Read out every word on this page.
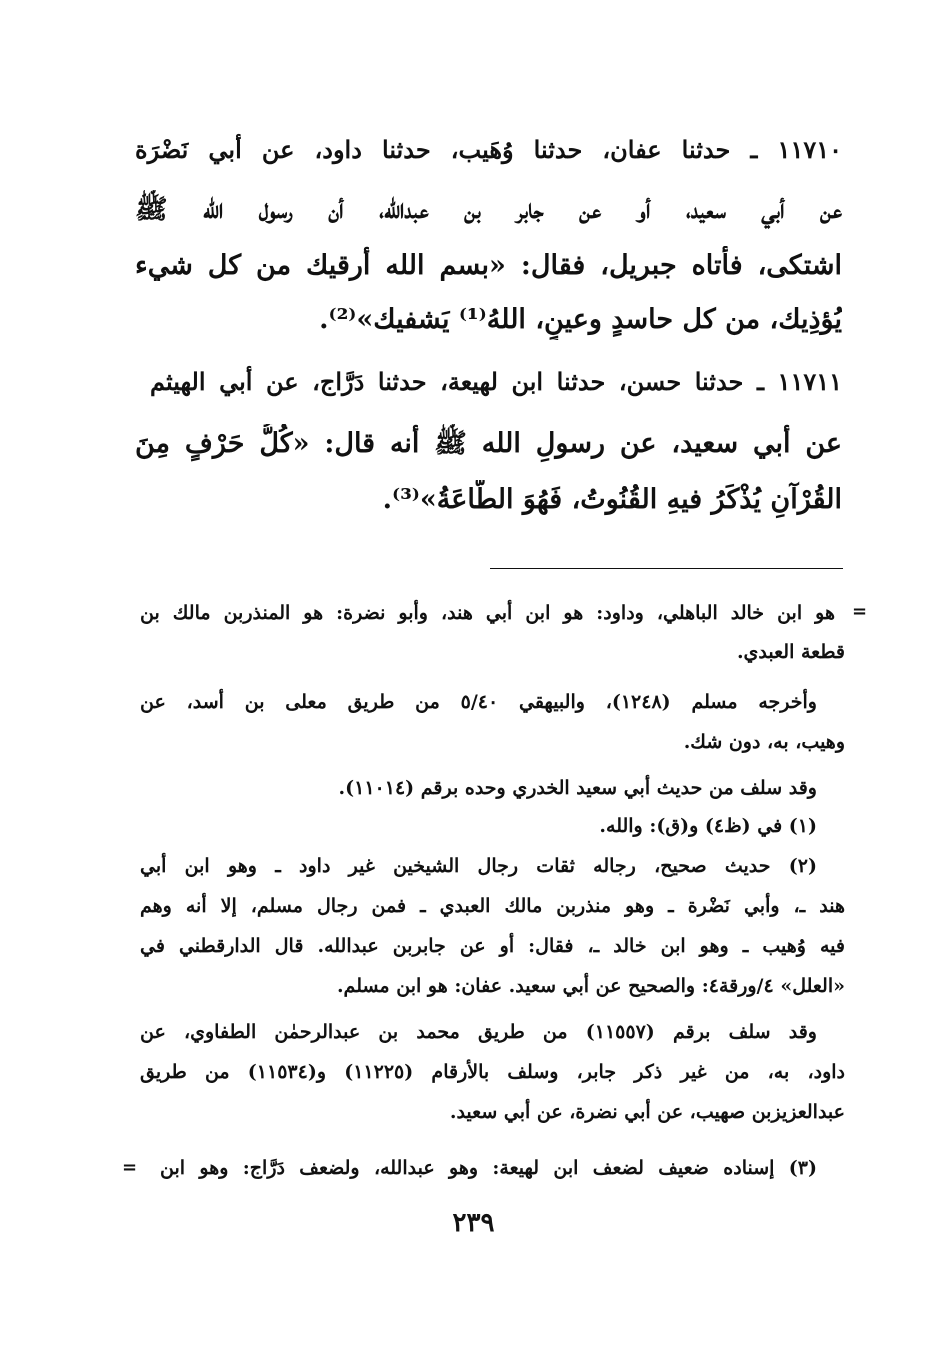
١١٧١٠ ـ حدثنا عفان، حدثنا وُهَيب، حدثنا داود، عن أبي نَضْرَة
عن أبي سعيد، أو عن جابر بن عبدالله، أن رسول الله ﷺ
اشتكى، فأتاه جبريل، فقال: «بسم الله أرقيك من كل شيء
يُؤذِيك، من كل حاسدٍ وعينٍ، اللهُ⁽¹⁾ يَشفيك»⁽²⁾.
١١٧١١ ـ حدثنا حسن، حدثنا ابن لهيعة، حدثنا دَرَّاج، عن أبي الهيثم
عن أبي سعيد، عن رسولِ الله ﷺ أنه قال: «كُلُّ حَرْفٍ مِنَ
القُرْآنِ يُذْكَرُ فيهِ القُنُوتُ، فَهُوَ الطَّاعَةُ»⁽³⁾.
=
هو ابن خالد الباهلي، وداود: هو ابن أبي هند، وأبو نضرة: هو المنذربن مالك بن
قطعة العبدي.
وأخرجه مسلم (١٢٤٨)، والبيهقي ٥/٤٠ من طريق معلى بن أسد، عن
وهيب، به، دون شك.
وقد سلف من حديث أبي سعيد الخدري وحده برقم (١١٠١٤).
(١) في (ظ٤) و(ق): والله.
(٢) حديث صحيح، رجاله ثقات رجال الشيخين غير داود ـ وهو ابن أبي
هند ـ، وأبي نَضْرة ـ وهو منذربن مالك العبدي ـ فمن رجال مسلم، إلا أنه وهم
فيه وُهيب ـ وهو ابن خالد ـ، فقال: أو عن جابربن عبدالله. قال الدارقطني في
«العلل» ٤/ورقة٤: والصحيح عن أبي سعيد. عفان: هو ابن مسلم.
وقد سلف برقم (١١٥٥٧) من طريق محمد بن عبدالرحمٰن الطفاوي، عن
داود، به، من غير ذكر جابر، وسلف بالأرقام (١١٢٢٥) و(١١٥٣٤) من طريق
عبدالعزيزبن صهيب، عن أبي نضرة، عن أبي سعيد.
(٣) إسناده ضعيف لضعف ابن لهيعة: وهو عبدالله، ولضعف دَرَّاج: وهو ابن
=
٢٣٩
